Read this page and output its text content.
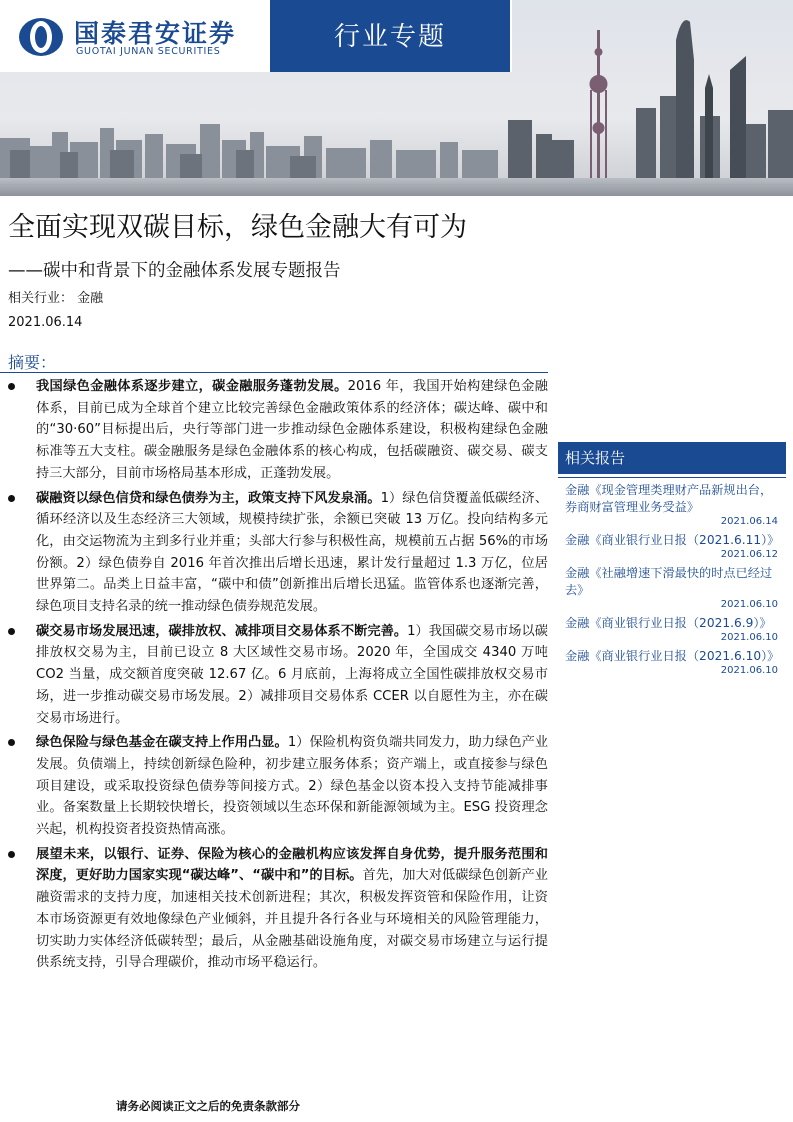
国泰君安证券
GUOTAI JUNAN SECURITIES	行业专题
全面实现双碳目标，绿色金融大有可为
——碳中和背景下的金融体系发展专题报告
相关行业： 金融
2021.06.14
摘要：
我国绿色金融体系逐步建立，碳金融服务蓬勃发展。2016 年，我国开始构建绿色金融体系，目前已成为全球首个建立比较完善绿色金融政策体系的经济体；碳达峰、碳中和的“30·60”目标提出后，央行等部门进一步推动绿色金融体系建设，积极构建绿色金融标准等五大支柱。碳金融服务是绿色金融体系的核心构成，包括碳融资、碳交易、碳支持三大部分，目前市场格局基本形成，正蓬勃发展。
碳融资以绿色信贷和绿色债券为主，政策支持下风发泉涌。1）绿色信贷覆盖低碳经济、循环经济以及生态经济三大领域，规模持续扩张，余额已突破 13 万亿。投向结构多元化，由交运物流为主到多行业并重；头部大行参与积极性高，规模前五占据 56%的市场份额。2）绿色债券自 2016 年首次推出后增长迅速，累计发行量超过 1.3 万亿，位居世界第二。品类上日益丰富，“碳中和债”创新推出后增长迅猛。监管体系也逐渐完善，绿色项目支持名录的统一推动绿色债券规范发展。
碳交易市场发展迅速，碳排放权、减排项目交易体系不断完善。1）我国碳交易市场以碳排放权交易为主，目前已设立 8 大区域性交易市场。2020 年，全国成交 4340 万吨 CO2 当量，成交额首度突破 12.67 亿。6 月底前，上海将成立全国性碳排放权交易市场，进一步推动碳交易市场发展。2）减排项目交易体系 CCER 以自愿性为主，亦在碳交易市场进行。
绿色保险与绿色基金在碳支持上作用凸显。1）保险机构资负端共同发力，助力绿色产业发展。负债端上，持续创新绿色险种，初步建立服务体系；资产端上，或直接参与绿色项目建设，或采取投资绿色债券等间接方式。2）绿色基金以资本投入支持节能减排事业。备案数量上长期较快增长，投资领域以生态环保和新能源领域为主。ESG 投资理念兴起，机构投资者投资热情高涨。
展望未来，以银行、证券、保险为核心的金融机构应该发挥自身优势，提升服务范围和深度，更好助力国家实现“碳达峰”、“碳中和”的目标。首先，加大对低碳绿色创新产业融资需求的支持力度，加速相关技术创新进程；其次，积极发挥资管和保险作用，让资本市场资源更有效地像绿色产业倾斜，并且提升各行各业与环境相关的风险管理能力，切实助力实体经济低碳转型；最后，从金融基础设施角度，对碳交易市场建立与运行提供系统支持，引导合理碳价，推动市场平稳运行。
相关报告
金融《现金管理类理财产品新规出台，券商财富管理业务受益》
2021.06.14
金融《商业银行业日报（2021.6.11）》
2021.06.12
金融《社融增速下滑最快的时点已经过去》
2021.06.10
金融《商业银行业日报（2021.6.9）》
2021.06.10
金融《商业银行业日报（2021.6.10）》
2021.06.10
请务必阅读正文之后的免责条款部分
